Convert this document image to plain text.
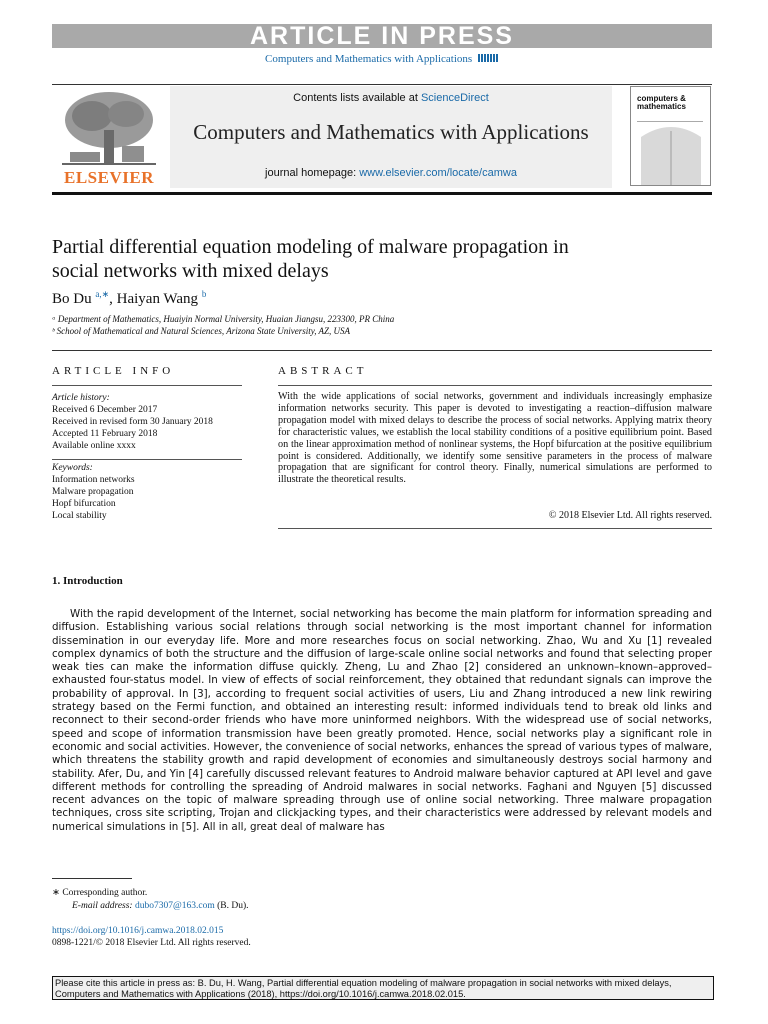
ARTICLE IN PRESS
Computers and Mathematics with Applications
ELSEVIER
Contents lists available at ScienceDirect
Computers and Mathematics with Applications
journal homepage: www.elsevier.com/locate/camwa
computers & mathematics
Partial differential equation modeling of malware propagation in social networks with mixed delays
Bo Du $^{a,∗}$, Haiyan Wang $^b$
ᵃ Department of Mathematics, Huaiyin Normal University, Huaian Jiangsu, 223300, PR China
ᵇ School of Mathematical and Natural Sciences, Arizona State University, AZ, USA
ARTICLE INFO
Article history:
Received 6 December 2017
Received in revised form 30 January 2018
Accepted 11 February 2018
Available online xxxx
Keywords:
Information networks
Malware propagation
Hopf bifurcation
Local stability
ABSTRACT
With the wide applications of social networks, government and individuals increasingly emphasize information networks security. This paper is devoted to investigating a reaction–diffusion malware propagation model with mixed delays to describe the process of social networks. Applying matrix theory for characteristic values, we establish the local stability conditions of a positive equilibrium point. Based on the linear approximation method of nonlinear systems, the Hopf bifurcation at the positive equilibrium point is considered. Additionally, we identify some sensitive parameters in the process of malware propagation that are significant for control theory. Finally, numerical simulations are performed to illustrate the theoretical results.
© 2018 Elsevier Ltd. All rights reserved.
1. Introduction

With the rapid development of the Internet, social networking has become the main platform for information spreading and diffusion. Establishing various social relations through social networking is the most important channel for information dissemination in our everyday life. More and more researches focus on social networking. Zhao, Wu and Xu [1] revealed complex dynamics of both the structure and the diffusion of large-scale online social networks and found that selecting proper weak ties can make the information diffuse quickly. Zheng, Lu and Zhao [2] considered an unknown–known–approved–exhausted four-status model. In view of effects of social reinforcement, they obtained that redundant signals can improve the probability of approval. In [3], according to frequent social activities of users, Liu and Zhang introduced a new link rewiring strategy based on the Fermi function, and obtained an interesting result: informed individuals tend to break old links and reconnect to their second-order friends who have more uninformed neighbors. With the widespread use of social networks, speed and scope of information transmission have been greatly promoted. Hence, social networks play a significant role in economic and social activities. However, the convenience of social networks, enhances the spread of various types of malware, which threatens the stability growth and rapid development of economies and simultaneously destroys social harmony and stability. Afer, Du, and Yin [4] carefully discussed relevant features to Android malware behavior captured at API level and gave different methods for controlling the spreading of Android malwares in social networks. Faghani and Nguyen [5] discussed recent advances on the topic of malware spreading through use of online social networking. Three malware propagation techniques, cross site scripting, Trojan and clickjacking types, and their characteristics were addressed by relevant models and numerical simulations in [5]. All in all, great deal of malware has

∗ Corresponding author.
E-mail address: dubo7307@163.com (B. Du).
https://doi.org/10.1016/j.camwa.2018.02.015
0898-1221/© 2018 Elsevier Ltd. All rights reserved.
Please cite this article in press as: B. Du, H. Wang, Partial differential equation modeling of malware propagation in social networks with mixed delays, Computers and Mathematics with Applications (2018), https://doi.org/10.1016/j.camwa.2018.02.015.
